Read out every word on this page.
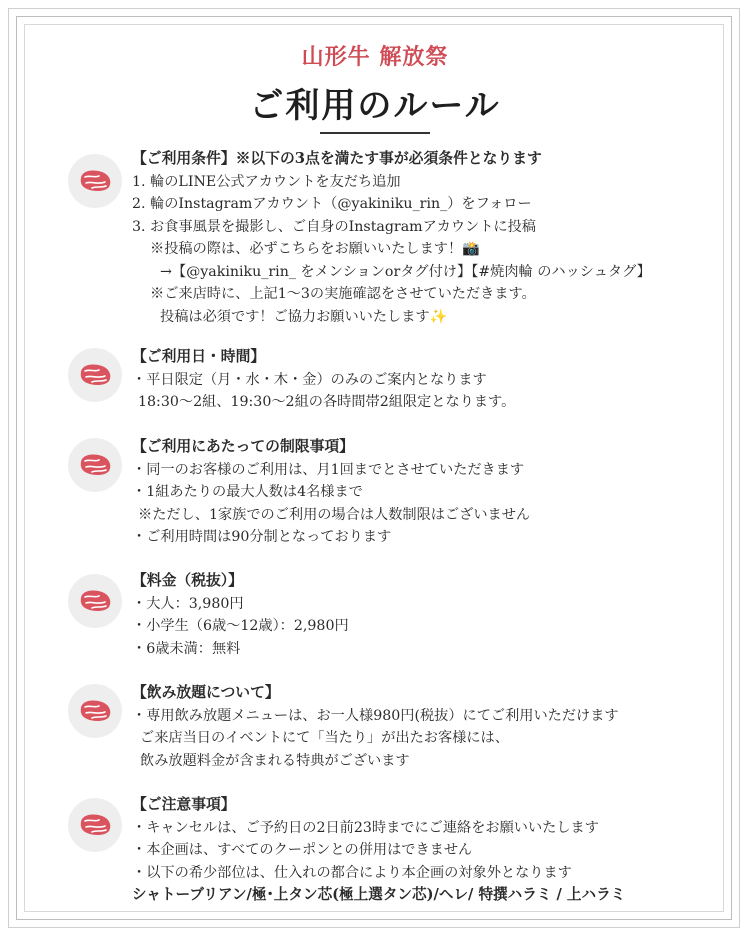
山形牛 解放祭
ご利用のルール
【ご利用条件】※以下の3点を満たす事が必須条件となります
1. 輪のLINE公式アカウントを友だち追加
2. 輪のInstagramアカウント（@yakiniku_rin_）をフォロー
3. お食事風景を撮影し、ご自身のInstagramアカウントに投稿
※投稿の際は、必ずこちらをお願いいたします！📸
→【@yakiniku_rin_ をメンションorタグ付け】【#焼肉輪 のハッシュタグ】
※ご来店時に、上記1〜3の実施確認をさせていただきます。
投稿は必須です！ご協力お願いいたします✨
【ご利用日・時間】
・平日限定（月・水・木・金）のみのご案内となります
18:30〜2組、19:30〜2組の各時間帯2組限定となります。
【ご利用にあたっての制限事項】
・同一のお客様のご利用は、月1回までとさせていただきます
・1組あたりの最大人数は4名様まで
※ただし、1家族でのご利用の場合は人数制限はございません
・ご利用時間は90分制となっております
【料金（税抜）】
・大人：3,980円
・小学生（6歳〜12歳）：2,980円
・6歳未満：無料
【飲み放題について】
・専用飲み放題メニューは、お一人様980円(税抜）にてご利用いただけます
ご来店当日のイベントにて「当たり」が出たお客様には、
飲み放題料金が含まれる特典がございます
【ご注意事項】
・キャンセルは、ご予約日の2日前23時までにご連絡をお願いいたします
・本企画は、すべてのクーポンとの併用はできません
・以下の希少部位は、仕入れの都合により本企画の対象外となります
シャトーブリアン/極･上タン芯(極上選タン芯)/ヘレ/ 特撰ハラミ / 上ハラミ
